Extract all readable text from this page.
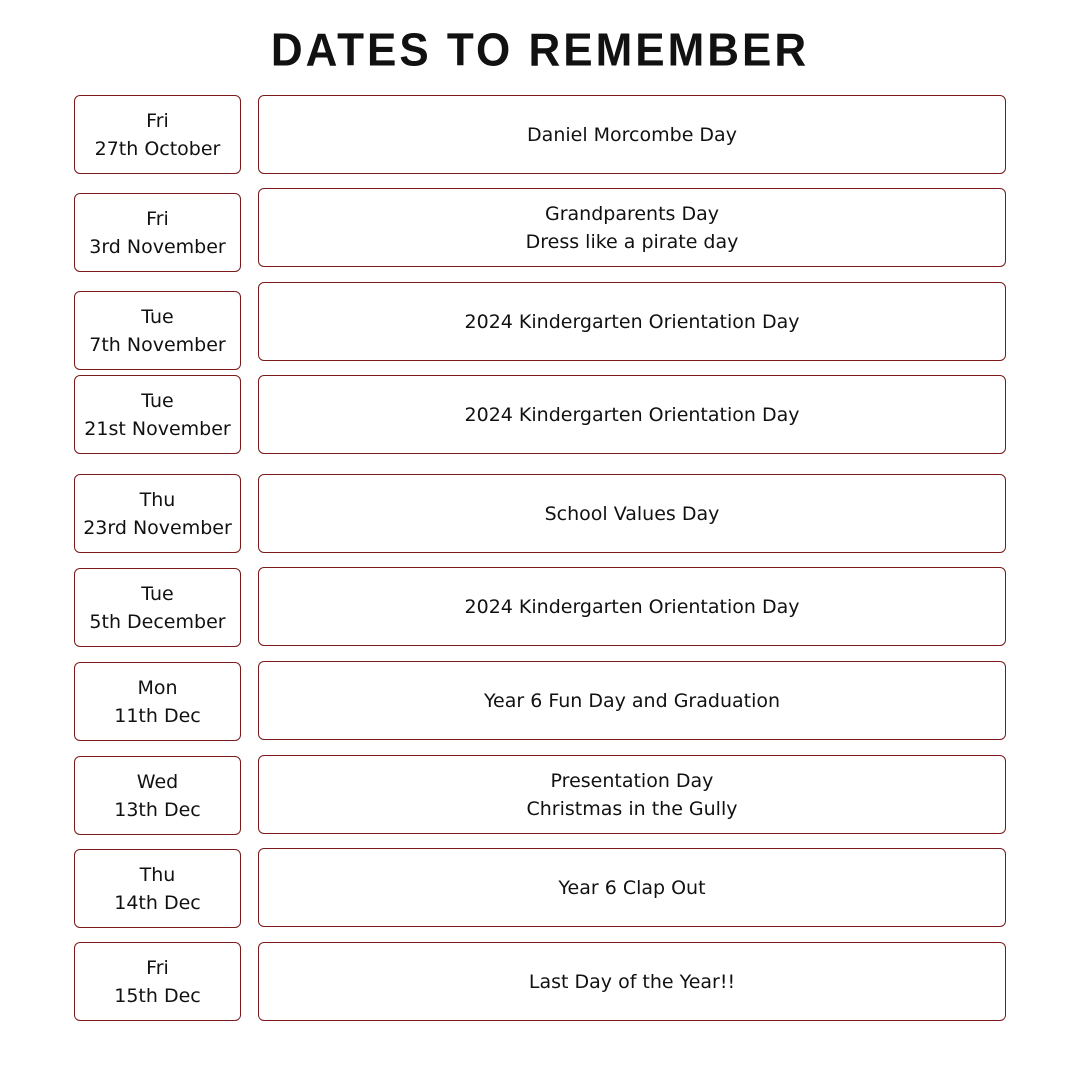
DATES TO REMEMBER
Fri
27th October
Daniel Morcombe Day
Fri
3rd November
Grandparents Day
Dress like a pirate day
Tue
7th November
2024 Kindergarten Orientation Day
Tue
21st November
2024 Kindergarten Orientation Day
Thu
23rd November
School Values Day
Tue
5th December
2024 Kindergarten Orientation Day
Mon
11th Dec
Year 6 Fun Day and Graduation
Wed
13th Dec
Presentation Day
Christmas in the Gully
Thu
14th Dec
Year 6 Clap Out
Fri
15th Dec
Last Day of the Year!!
